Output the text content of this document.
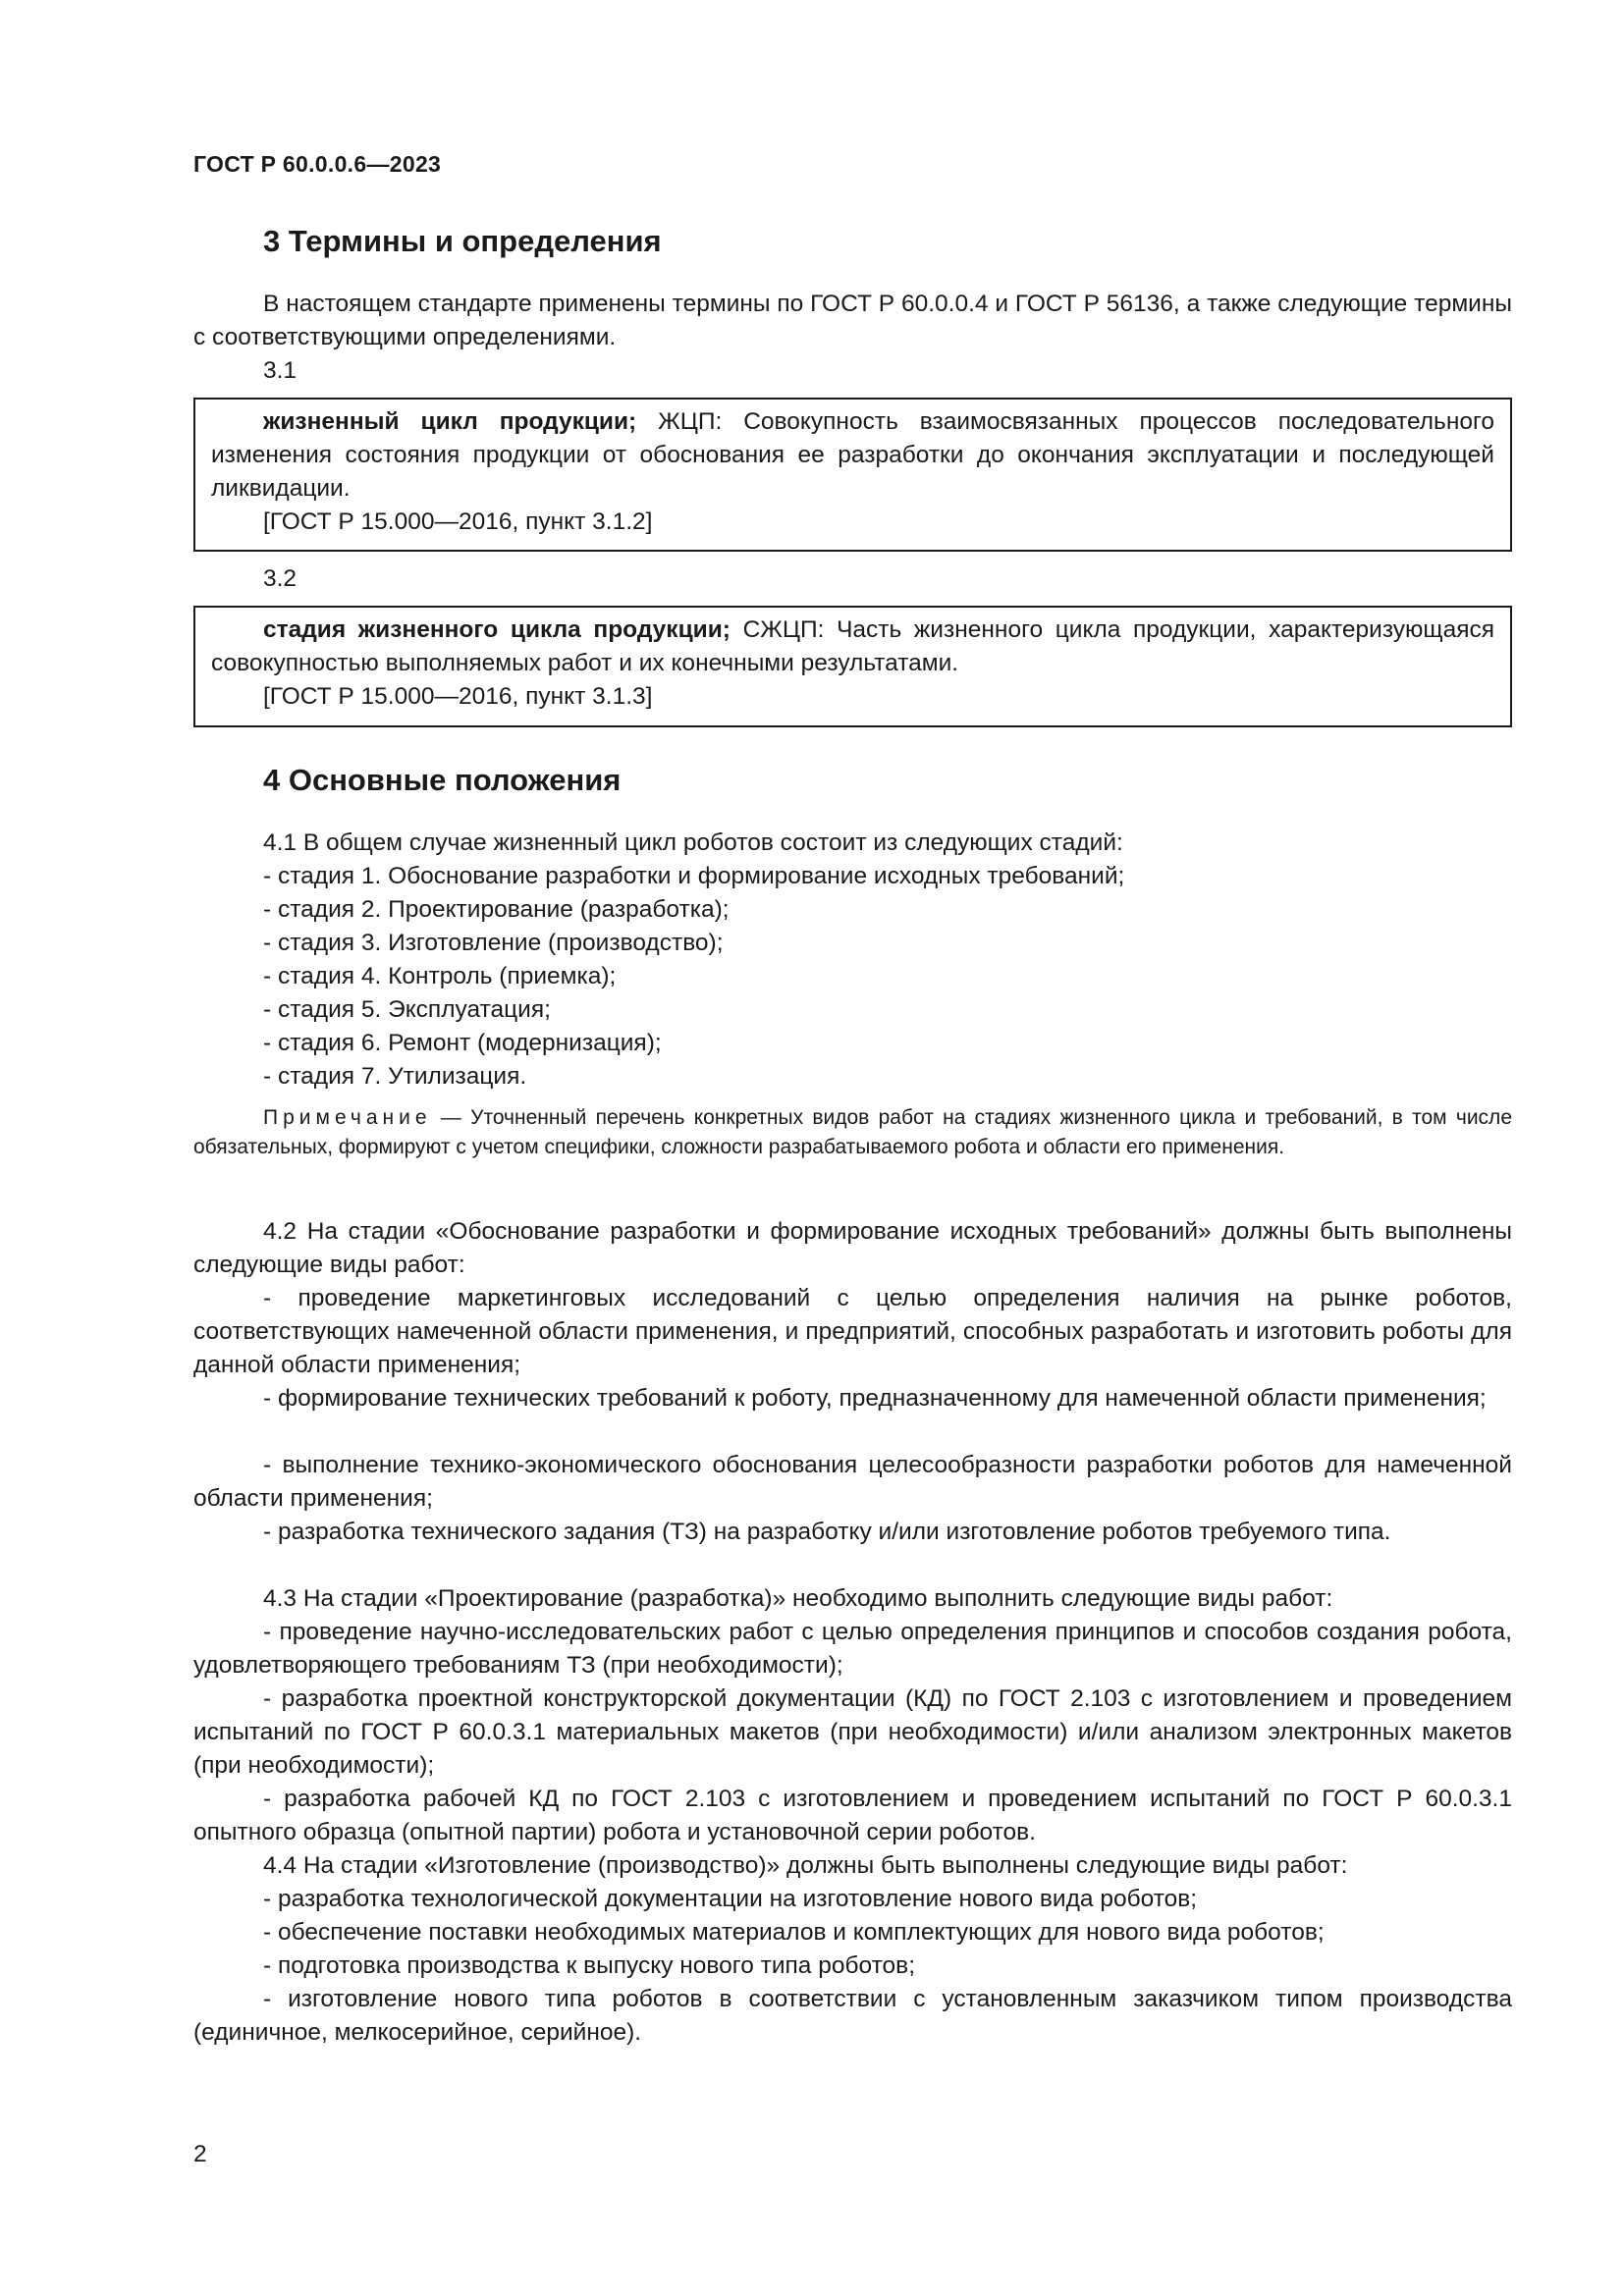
ГОСТ Р 60.0.0.6—2023
3 Термины и определения
В настоящем стандарте применены термины по ГОСТ Р 60.0.0.4 и ГОСТ Р 56136, а также следующие термины с соответствующими определениями.
3.1

жизненный цикл продукции; ЖЦП: Совокупность взаимосвязанных процессов последовательного изменения состояния продукции от обоснования ее разработки до окончания эксплуатации и последующей ликвидации.

[ГОСТ Р 15.000—2016, пункт 3.1.2]

3.2

стадия жизненного цикла продукции; СЖЦП: Часть жизненного цикла продукции, характеризующаяся совокупностью выполняемых работ и их конечными результатами.

[ГОСТ Р 15.000—2016, пункт 3.1.3]

4 Основные положения
4.1 В общем случае жизненный цикл роботов состоит из следующих стадий:
- стадия 1. Обоснование разработки и формирование исходных требований;
- стадия 2. Проектирование (разработка);
- стадия 3. Изготовление (производство);
- стадия 4. Контроль (приемка);
- стадия 5. Эксплуатация;
- стадия 6. Ремонт (модернизация);
- стадия 7. Утилизация.
Примечание — Уточненный перечень конкретных видов работ на стадиях жизненного цикла и требований, в том числе обязательных, формируют с учетом специфики, сложности разрабатываемого робота и области его применения.
4.2 На стадии «Обоснование разработки и формирование исходных требований» должны быть выполнены следующие виды работ:
- проведение маркетинговых исследований с целью определения наличия на рынке роботов, соответствующих намеченной области применения, и предприятий, способных разработать и изготовить роботы для данной области применения;
- формирование технических требований к роботу, предназначенному для намеченной области применения;
- выполнение технико-экономического обоснования целесообразности разработки роботов для намеченной области применения;
- разработка технического задания (ТЗ) на разработку и/или изготовление роботов требуемого типа.
4.3 На стадии «Проектирование (разработка)» необходимо выполнить следующие виды работ:
- проведение научно-исследовательских работ с целью определения принципов и способов создания робота, удовлетворяющего требованиям ТЗ (при необходимости);
- разработка проектной конструкторской документации (КД) по ГОСТ 2.103 с изготовлением и проведением испытаний по ГОСТ Р 60.0.3.1 материальных макетов (при необходимости) и/или анализом электронных макетов (при необходимости);
- разработка рабочей КД по ГОСТ 2.103 с изготовлением и проведением испытаний по ГОСТ Р 60.0.3.1 опытного образца (опытной партии) робота и установочной серии роботов.
4.4 На стадии «Изготовление (производство)» должны быть выполнены следующие виды работ:
- разработка технологической документации на изготовление нового вида роботов;
- обеспечение поставки необходимых материалов и комплектующих для нового вида роботов;
- подготовка производства к выпуску нового типа роботов;
- изготовление нового типа роботов в соответствии с установленным заказчиком типом производства (единичное, мелкосерийное, серийное).
2
